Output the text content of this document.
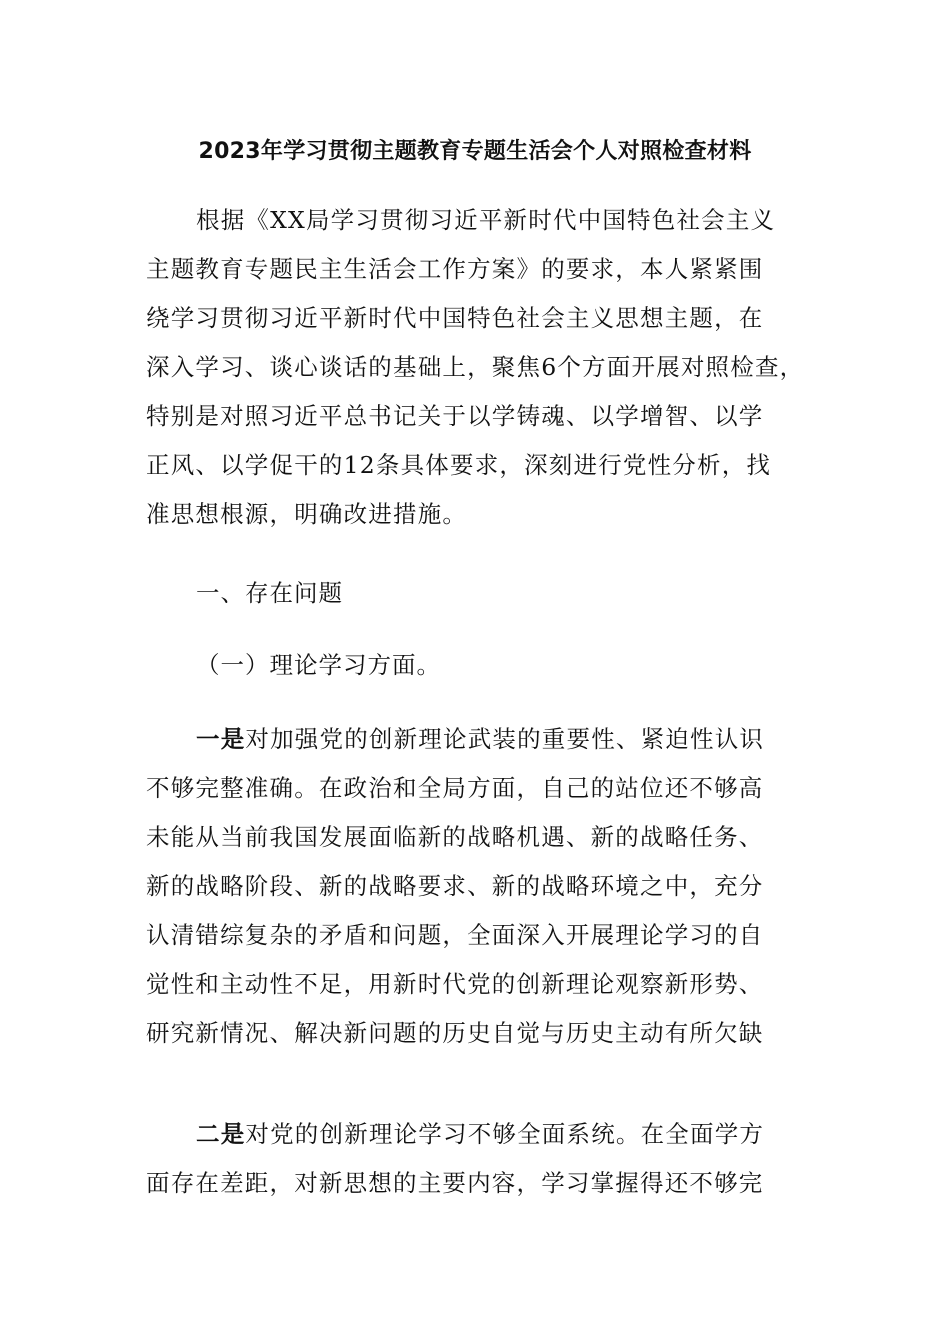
2023年学习贯彻主题教育专题生活会个人对照检查材料
根据《XX局学习贯彻习近平新时代中国特色社会主义
主题教育专题民主生活会工作方案》的要求，本人紧紧围
绕学习贯彻习近平新时代中国特色社会主义思想主题，在
深入学习、谈心谈话的基础上，聚焦6个方面开展对照检查，
特别是对照习近平总书记关于以学铸魂、以学增智、以学
正风、以学促干的12条具体要求，深刻进行党性分析，找
准思想根源，明确改进措施。
一、存在问题
（一）理论学习方面。
一是对加强党的创新理论武装的重要性、紧迫性认识
不够完整准确。在政治和全局方面，自己的站位还不够高
未能从当前我国发展面临新的战略机遇、新的战略任务、
新的战略阶段、新的战略要求、新的战略环境之中，充分
认清错综复杂的矛盾和问题，全面深入开展理论学习的自
觉性和主动性不足，用新时代党的创新理论观察新形势、
研究新情况、解决新问题的历史自觉与历史主动有所欠缺
二是对党的创新理论学习不够全面系统。在全面学方
面存在差距，对新思想的主要内容，学习掌握得还不够完
